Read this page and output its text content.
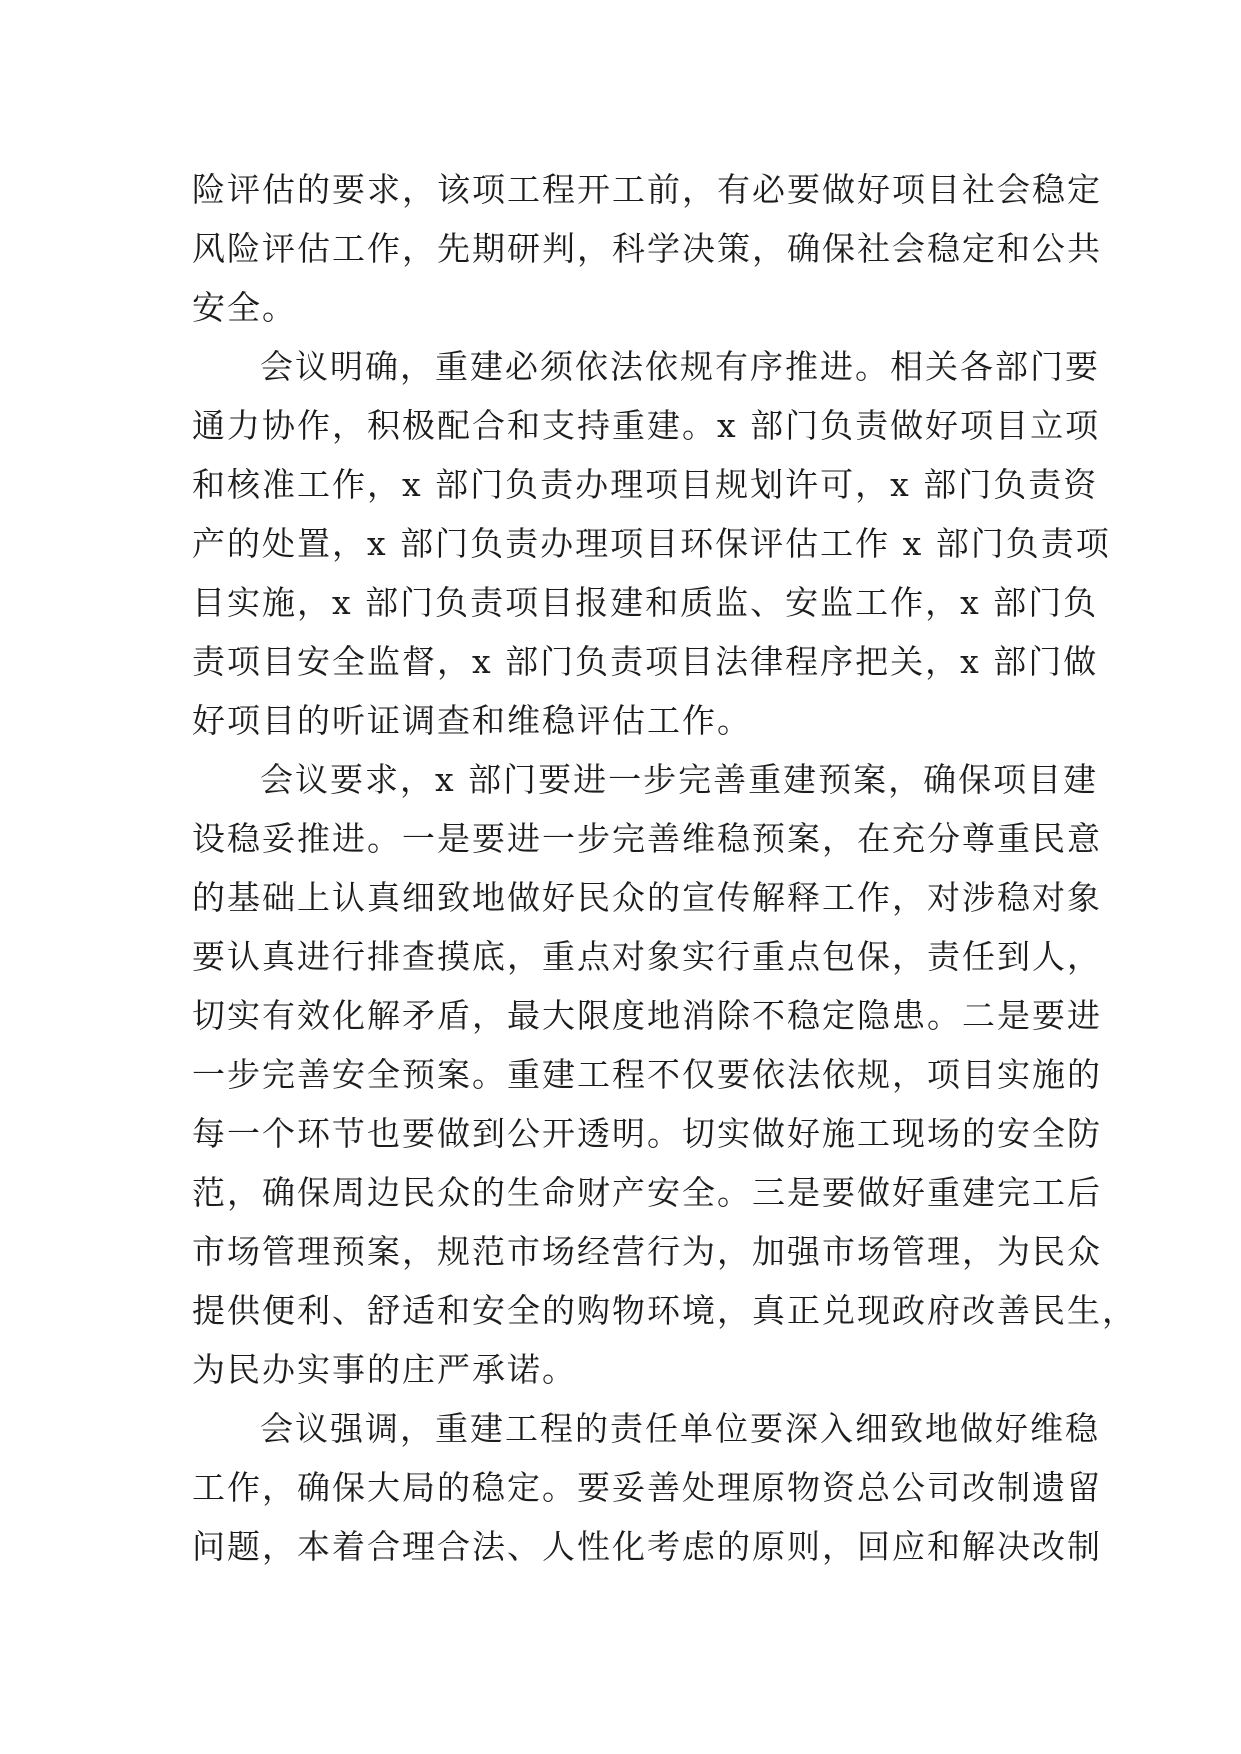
险评估的要求，该项工程开工前，有必要做好项目社会稳定
风险评估工作，先期研判，科学决策，确保社会稳定和公共
安全。
会议明确，重建必须依法依规有序推进。相关各部门要
通力协作，积极配合和支持重建。x 部门负责做好项目立项
和核准工作，x 部门负责办理项目规划许可，x 部门负责资
产的处置，x 部门负责办理项目环保评估工作 x 部门负责项
目实施，x 部门负责项目报建和质监、安监工作，x 部门负
责项目安全监督，x 部门负责项目法律程序把关，x 部门做
好项目的听证调查和维稳评估工作。
会议要求，x 部门要进一步完善重建预案，确保项目建
设稳妥推进。一是要进一步完善维稳预案，在充分尊重民意
的基础上认真细致地做好民众的宣传解释工作，对涉稳对象
要认真进行排查摸底，重点对象实行重点包保，责任到人，
切实有效化解矛盾，最大限度地消除不稳定隐患。二是要进
一步完善安全预案。重建工程不仅要依法依规，项目实施的
每一个环节也要做到公开透明。切实做好施工现场的安全防
范，确保周边民众的生命财产安全。三是要做好重建完工后
市场管理预案，规范市场经营行为，加强市场管理，为民众
提供便利、舒适和安全的购物环境，真正兑现政府改善民生，
为民办实事的庄严承诺。
会议强调，重建工程的责任单位要深入细致地做好维稳
工作，确保大局的稳定。要妥善处理原物资总公司改制遗留
问题，本着合理合法、人性化考虑的原则，回应和解决改制
